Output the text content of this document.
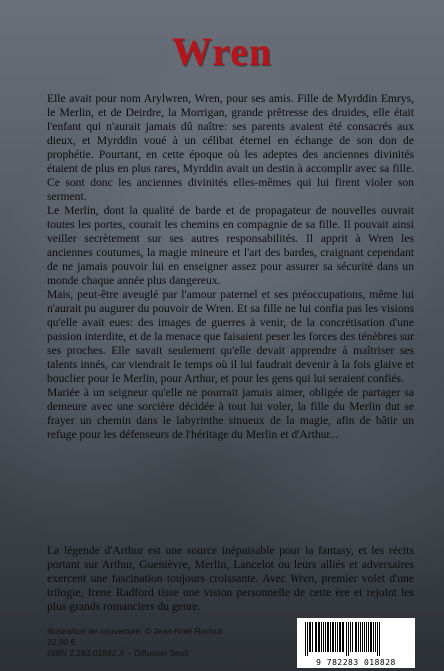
Wren

Elle avait pour nom Arylwren, Wren, pour ses amis. Fille de Myrddin Emrys, le Merlin, et de Deirdre, la Morrigan, grande prêtresse des druides, elle était l'enfant qui n'aurait jamais dû naître: ses parents avaient été consacrés aux dieux, et Myrddin voué à un célibat éternel en échange de son don de prophétie. Pourtant, en cette époque où les adeptes des anciennes divinités étaient de plus en plus rares, Myrddin avait un destin à accomplir avec sa fille. Ce sont donc les anciennes divinités elles-mêmes qui lui firent violer son serment.

Le Merlin, dont la qualité de barde et de propagateur de nouvelles ouvrait toutes les portes, courait les chemins en compagnie de sa fille. Il pouvait ainsi veiller secrètement sur ses autres responsabilités. Il apprit à Wren les anciennes coutumes, la magie mineure et l'art des bardes, craignant cependant de ne jamais pouvoir lui en enseigner assez pour assurer sa sécurité dans un monde chaque année plus dangereux.

Mais, peut-être aveuglé par l'amour paternel et ses préoccupations, même lui n'aurait pu augurer du pouvoir de Wren. Et sa fille ne lui confia pas les visions qu'elle avait eues: des images de guerres à venir, de la concrétisation d'une passion interdite, et de la menace que faisaient peser les forces des ténèbres sur ses proches. Elle savait seulement qu'elle devait apprendre à maîtriser ses talents innés, car viendrait le temps où il lui faudrait devenir à la fois glaive et bouclier pour le Merlin, pour Arthur, et pour les gens qui lui seraient confiés.

Mariée à un seigneur qu'elle ne pourrait jamais aimer, obligée de partager sa demeure avec une sorcière décidée à tout lui voler, la fille du Merlin dut se frayer un chemin dans le labyrinthe sinueux de la magie, afin de bâtir un refuge pour les défenseurs de l'héritage du Merlin et d'Arthur...

La légende d'Arthur est une source inépuisable pour la fantasy, et les récits portant sur Arthur, Guenièvre, Merlin, Lancelot ou leurs alliés et adversaires exercent une fascination toujours croissante. Avec Wren, premier volet d'une trilogie, Irene Radford tisse une vision personnelle de cette ère et rejoint les plus grands romanciers du genre.

Illustration de couverture: © Jean-Noël Rochut
22,90 €
ISBN 2.283.01882.X – Diffusion Seuil
9 782283 018828
